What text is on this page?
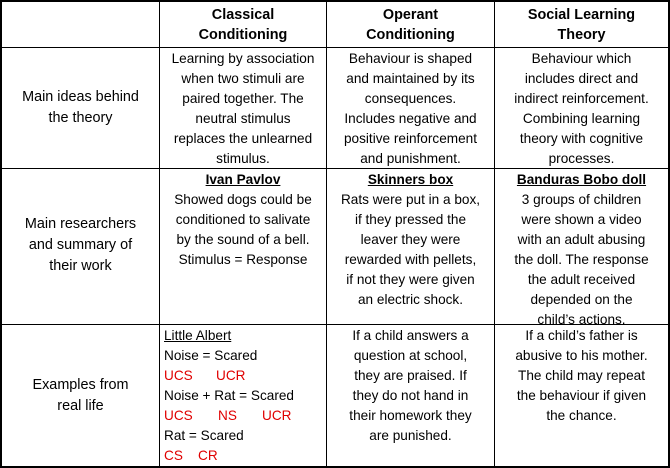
Classical
Conditioning
Operant
Conditioning
Social Learning
Theory
Main ideas behind
the theory
Learning by association
when two stimuli are
paired together. The
neutral stimulus
replaces the unlearned
stimulus.
Behaviour is shaped
and maintained by its
consequences.
Includes negative and
positive reinforcement
and punishment.
Behaviour which
includes direct and
indirect reinforcement.
Combining learning
theory with cognitive
processes.
Main researchers
and summary of
their work
Ivan Pavlov
Showed dogs could be
conditioned to salivate
by the sound of a bell.
Stimulus = Response
Skinners box
Rats were put in a box,
if they pressed the
leaver they were
rewarded with pellets,
if not they were given
an electric shock.
Banduras Bobo doll
3 groups of children
were shown a video
with an adult abusing
the doll. The response
the adult received
depended on the
child’s actions.
Examples from
real life
Little Albert
Noise = Scared
UCS UCR
Noise + Rat = Scared
UCS NS UCR
Rat = Scared
CS CR
If a child answers a
question at school,
they are praised. If
they do not hand in
their homework they
are punished.
If a child’s father is
abusive to his mother.
The child may repeat
the behaviour if given
the chance.
